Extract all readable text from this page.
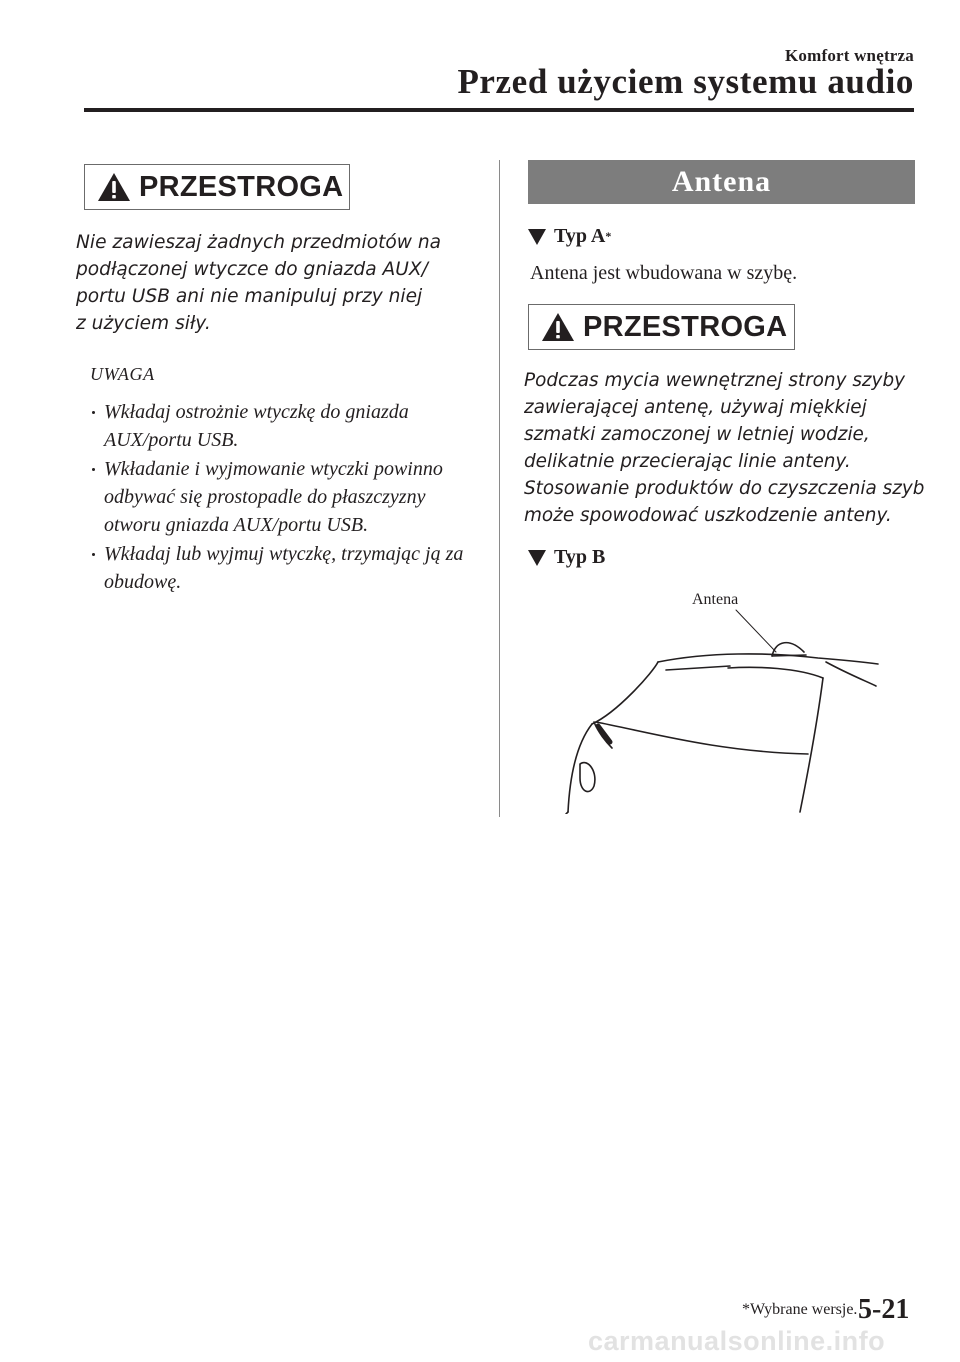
Komfort wnętrza
Przed użyciem systemu audio
PRZESTROGA

Nie zawieszaj żadnych przedmiotów na
podłączonej wtyczce do gniazda AUX/
portu USB ani nie manipuluj przy niej
z użyciem siły.

UWAGA
Wkładaj ostrożnie wtyczkę do gniazda AUX/portu USB.
Wkładanie i wyjmowanie wtyczki powinno odbywać się prostopadle do płaszczyzny otworu gniazda AUX/portu USB.
Wkładaj lub wyjmuj wtyczkę, trzymając ją za obudowę.
Antena
Typ A *
Antena jest wbudowana w szybę.
PRZESTROGA

Podczas mycia wewnętrznej strony szyby
zawierającej antenę, używaj miękkiej
szmatki zamoczonej w letniej wodzie,
delikatnie przecierając linie anteny.
Stosowanie produktów do czyszczenia szyb
może spowodować uszkodzenie anteny.

Typ B
Antena
*Wybrane wersje. 5-21
carmanualsonline.info
